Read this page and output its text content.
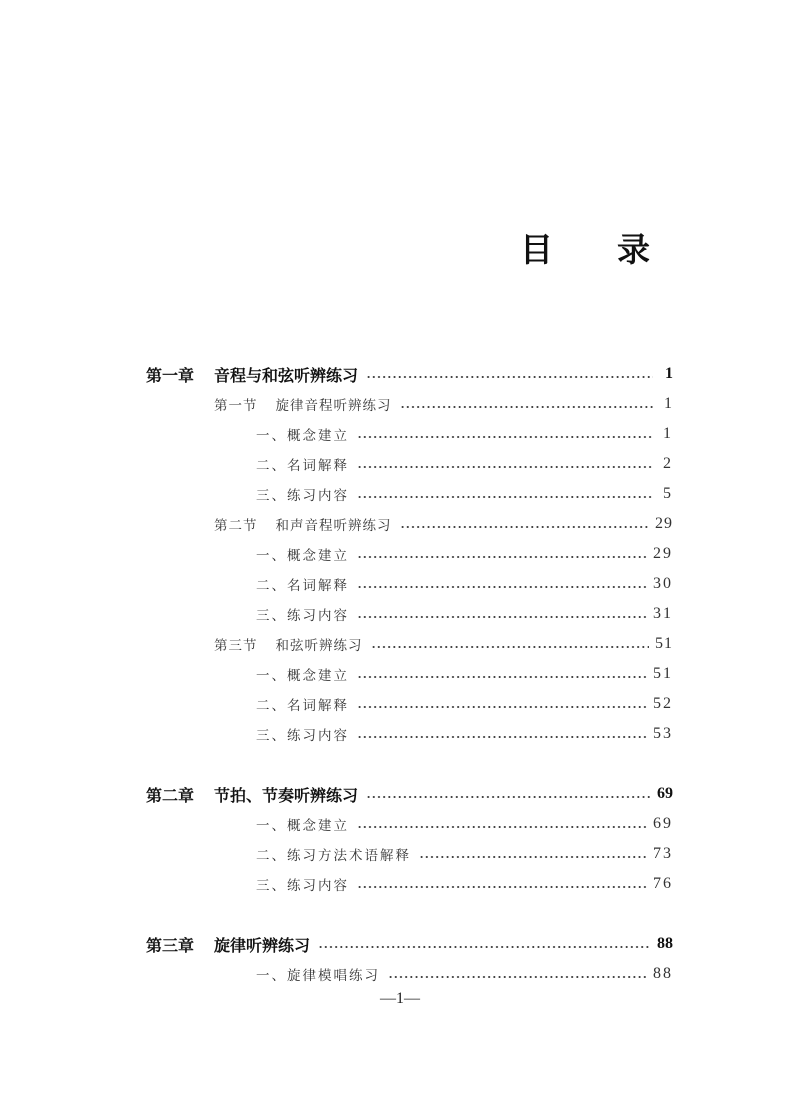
目 录
第一章 音程与和弦听辨练习	1
第一节 旋律音程听辨练习	1
一、概念建立	1
二、名词解释	2
三、练习内容	5
第二节 和声音程听辨练习	29
一、概念建立	29
二、名词解释	30
三、练习内容	31
第三节 和弦听辨练习	51
一、概念建立	51
二、名词解释	52
三、练习内容	53
第二章 节拍、节奏听辨练习	69
一、概念建立	69
二、练习方法术语解释	73
三、练习内容	76
第三章 旋律听辨练习	88
一、旋律模唱练习	88
—1—
